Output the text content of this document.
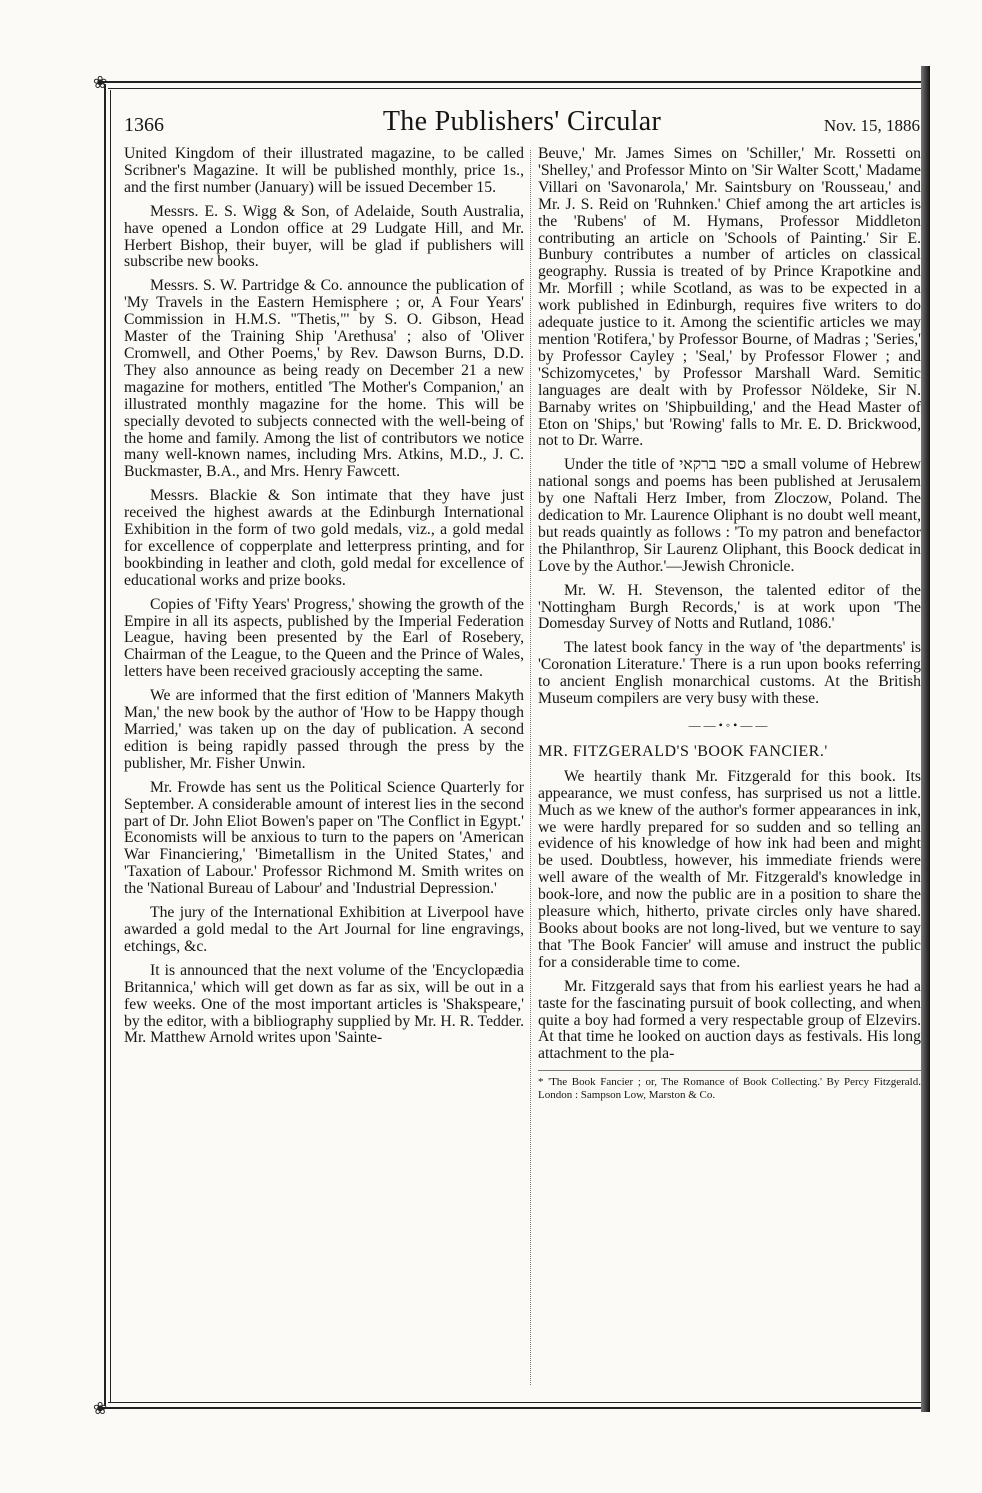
❀
❀
1366	The Publishers' Circular	Nov. 15, 1886

United Kingdom of their illustrated magazine, to be called Scribner's Magazine. It will be published monthly, price 1s., and the first number (January) will be issued December 15.

Messrs. E. S. Wigg & Son, of Adelaide, South Australia, have opened a London office at 29 Ludgate Hill, and Mr. Herbert Bishop, their buyer, will be glad if publishers will subscribe new books.

Messrs. S. W. Partridge & Co. announce the publication of 'My Travels in the Eastern Hemisphere ; or, A Four Years' Commission in H.M.S. "Thetis,"' by S. O. Gibson, Head Master of the Training Ship 'Arethusa' ; also of 'Oliver Cromwell, and Other Poems,' by Rev. Dawson Burns, D.D. They also announce as being ready on December 21 a new magazine for mothers, entitled 'The Mother's Companion,' an illustrated monthly magazine for the home. This will be specially devoted to subjects connected with the well-being of the home and family. Among the list of contributors we notice many well-known names, including Mrs. Atkins, M.D., J. C. Buckmaster, B.A., and Mrs. Henry Fawcett.

Messrs. Blackie & Son intimate that they have just received the highest awards at the Edinburgh International Exhibition in the form of two gold medals, viz., a gold medal for excellence of copperplate and letterpress printing, and for bookbinding in leather and cloth, gold medal for excellence of educational works and prize books.

Copies of 'Fifty Years' Progress,' showing the growth of the Empire in all its aspects, published by the Imperial Federation League, having been presented by the Earl of Rosebery, Chairman of the League, to the Queen and the Prince of Wales, letters have been received graciously accepting the same.

We are informed that the first edition of 'Manners Makyth Man,' the new book by the author of 'How to be Happy though Married,' was taken up on the day of publication. A second edition is being rapidly passed through the press by the publisher, Mr. Fisher Unwin.

Mr. Frowde has sent us the Political Science Quarterly for September. A considerable amount of interest lies in the second part of Dr. John Eliot Bowen's paper on 'The Conflict in Egypt.' Economists will be anxious to turn to the papers on 'American War Financiering,' 'Bimetallism in the United States,' and 'Taxation of Labour.' Professor Richmond M. Smith writes on the 'National Bureau of Labour' and 'Industrial Depression.'

The jury of the International Exhibition at Liverpool have awarded a gold medal to the Art Journal for line engravings, etchings, &c.

It is announced that the next volume of the 'Encyclopædia Britannica,' which will get down as far as six, will be out in a few weeks. One of the most important articles is 'Shakspeare,' by the editor, with a bibliography supplied by Mr. H. R. Tedder. Mr. Matthew Arnold writes upon 'Sainte-

Beuve,' Mr. James Simes on 'Schiller,' Mr. Rossetti on 'Shelley,' and Professor Minto on 'Sir Walter Scott,' Madame Villari on 'Savonarola,' Mr. Saintsbury on 'Rousseau,' and Mr. J. S. Reid on 'Ruhnken.' Chief among the art articles is the 'Rubens' of M. Hymans, Professor Middleton contributing an article on 'Schools of Painting.' Sir E. Bunbury contributes a number of articles on classical geography. Russia is treated of by Prince Krapotkine and Mr. Morfill ; while Scotland, as was to be expected in a work published in Edinburgh, requires five writers to do adequate justice to it. Among the scientific articles we may mention 'Rotifera,' by Professor Bourne, of Madras ; 'Series,' by Professor Cayley ; 'Seal,' by Professor Flower ; and 'Schizomycetes,' by Professor Marshall Ward. Semitic languages are dealt with by Professor Nöldeke, Sir N. Barnaby writes on 'Shipbuilding,' and the Head Master of Eton on 'Ships,' but 'Rowing' falls to Mr. E. D. Brickwood, not to Dr. Warre.

Under the title of ספר ברקאי a small volume of Hebrew national songs and poems has been published at Jerusalem by one Naftali Herz Imber, from Zloczow, Poland. The dedication to Mr. Laurence Oliphant is no doubt well meant, but reads quaintly as follows : 'To my patron and benefactor the Philanthrop, Sir Laurenz Oliphant, this Boock dedicat in Love by the Author.'—Jewish Chronicle.

Mr. W. H. Stevenson, the talented editor of the 'Nottingham Burgh Records,' is at work upon 'The Domesday Survey of Notts and Rutland, 1086.'

The latest book fancy in the way of 'the departments' is 'Coronation Literature.' There is a run upon books referring to ancient English monarchical customs. At the British Museum compilers are very busy with these.

——•◦•——

MR. FITZGERALD'S 'BOOK FANCIER.'

We heartily thank Mr. Fitzgerald for this book. Its appearance, we must confess, has surprised us not a little. Much as we knew of the author's former appearances in ink, we were hardly prepared for so sudden and so telling an evidence of his knowledge of how ink had been and might be used. Doubtless, however, his immediate friends were well aware of the wealth of Mr. Fitzgerald's knowledge in book-lore, and now the public are in a position to share the pleasure which, hitherto, private circles only have shared. Books about books are not long-lived, but we venture to say that 'The Book Fancier' will amuse and instruct the public for a considerable time to come.

Mr. Fitzgerald says that from his earliest years he had a taste for the fascinating pursuit of book collecting, and when quite a boy had formed a very respectable group of Elzevirs. At that time he looked on auction days as festivals. His long attachment to the pla-

* 'The Book Fancier ; or, The Romance of Book Collecting.' By Percy Fitzgerald. London : Sampson Low, Marston & Co.
